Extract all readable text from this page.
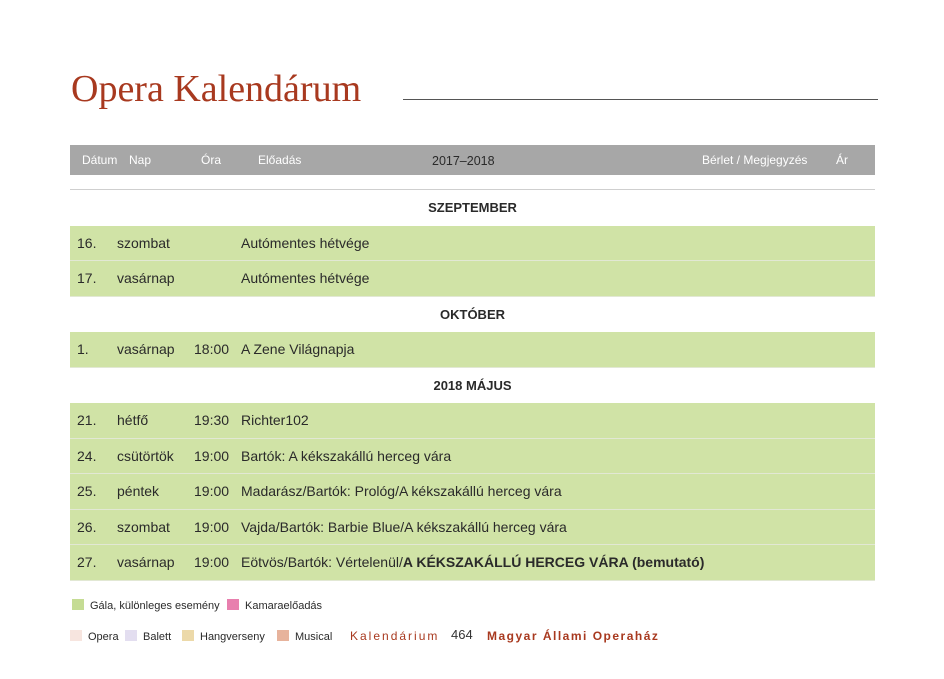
Opera Kalendárum
Dátum Nap	Óra	Előadás	2017–2018	Bérlet / Megjegyzés Ár
SZEPTEMBER
16. szombat	Autómentes hétvége
17. vasárnap	Autómentes hétvége
OKTÓBER
1. vasárnap 18:00 A Zene Világnapja
2018 MÁJUS
21. hétfő	19:30 Richter102
24. csütörtök 19:00 Bartók: A kékszakállú herceg vára
25. péntek 19:00 Madarász/Bartók: Prológ/A kékszakállú herceg vára
26. szombat 19:00 Vajda/Bartók: Barbie Blue/A kékszakállú herceg vára
27. vasárnap 19:00 Eötvös/Bartók: Vértelenül/A KÉKSZAKÁLLÚ HERCEG VÁRA (bemutató)
Gála, különleges esemény	Kamaraelőadás
Opera	Balett	Hangverseny	Musical Kalendárium 464 Magyar Állami Operaház
